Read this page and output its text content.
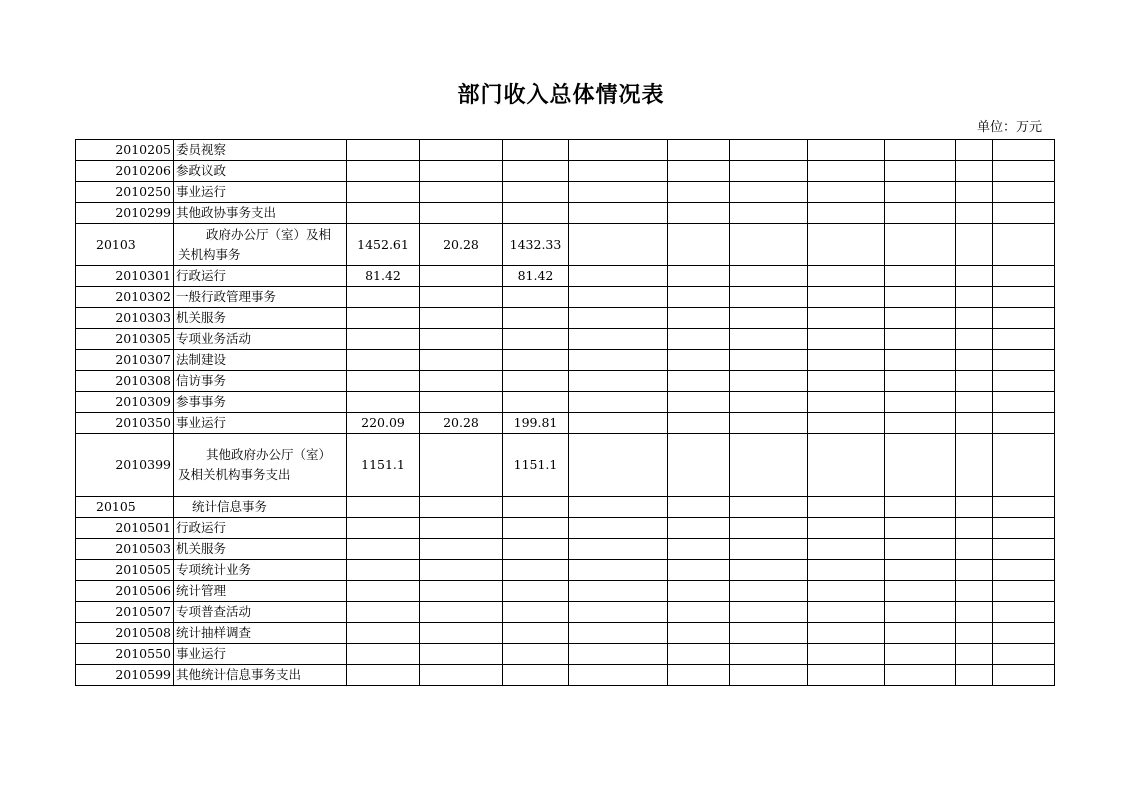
部门收入总体情况表
单位：万元
2010205	委员视察										
2010206	参政议政										
2010250	事业运行										
2010299	其他政协事务支出										
20103	政府办公厅（室）及相关机构事务	1452.61	20.28	1432.33							
2010301	行政运行	81.42		81.42							
2010302	一般行政管理事务										
2010303	机关服务										
2010305	专项业务活动										
2010307	法制建设										
2010308	信访事务										
2010309	参事事务										
2010350	事业运行	220.09	20.28	199.81							
2010399	其他政府办公厅（室）及相关机构事务支出	1151.1		1151.1							
20105	统计信息事务										
2010501	行政运行										
2010503	机关服务										
2010505	专项统计业务										
2010506	统计管理										
2010507	专项普查活动										
2010508	统计抽样调查										
2010550	事业运行										
2010599	其他统计信息事务支出										
